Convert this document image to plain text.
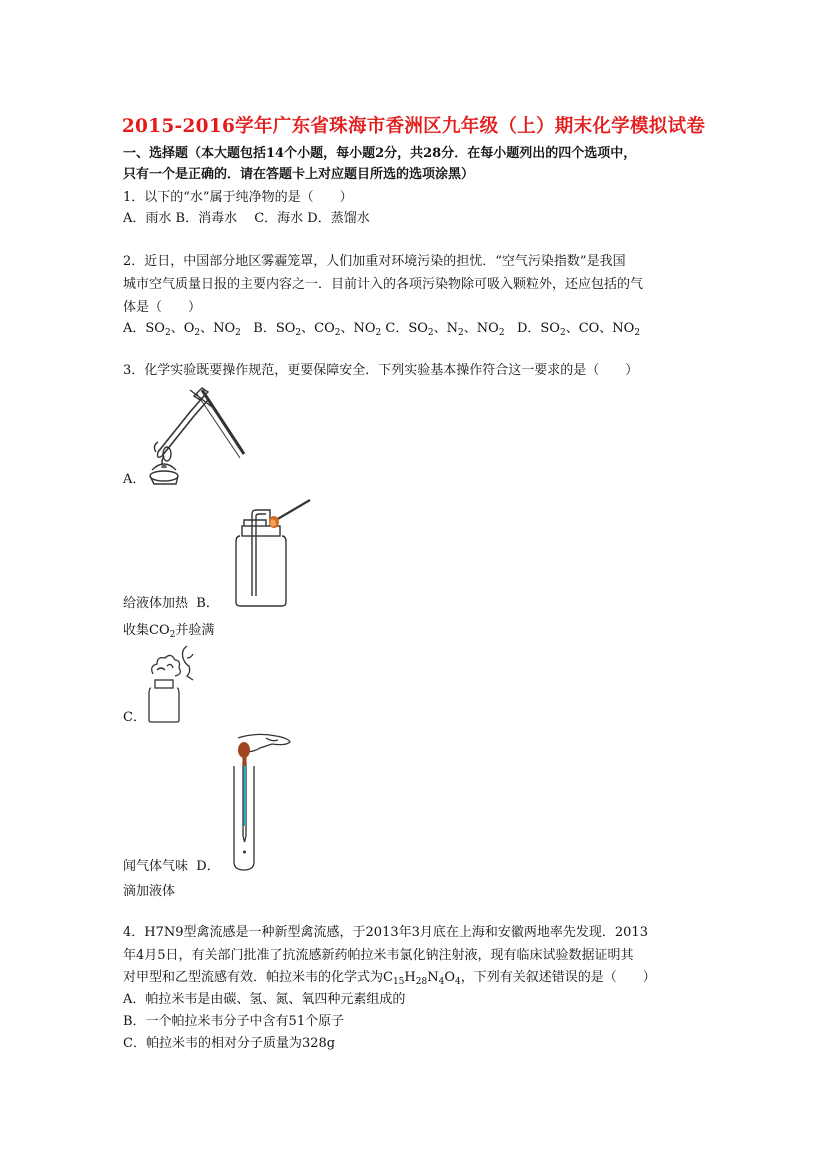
2015-2016学年广东省珠海市香洲区九年级（上）期末化学模拟试卷
一、选择题（本大题包括14个小题，每小题2分，共28分．在每小题列出的四个选项中，
只有一个是正确的．请在答题卡上对应题目所选的选项涂黑）
1．以下的“水”属于纯净物的是（　　）
A．雨水 B．消毒水　 C．海水 D．蒸馏水
2．近日，中国部分地区雾霾笼罩，人们加重对环境污染的担忧．“空气污染指数”是我国
城市空气质量日报的主要内容之一．目前计入的各项污染物除可吸入颗粒外，还应包括的气
体是（　　）
A．$SO_2$、$O_2$、$NO_2$ B．$SO_2$、$CO_2$、$NO_2$ C．$SO_2$、$N_2$、$NO_2$ D．$SO_2$、CO、$NO_2$
3．化学实验既要操作规范，更要保障安全．下列实验基本操作符合这一要求的是（　　）
A．
给液体加热 B．
收集$CO_2$并验满
C．
闻气体气味 D．
滴加液体
4．H7N9型禽流感是一种新型禽流感，于2013年3月底在上海和安徽两地率先发现．2013
年4月5日，有关部门批准了抗流感新药帕拉米韦氯化钠注射液，现有临床试验数据证明其
对甲型和乙型流感有效．帕拉米韦的化学式为$C_{15}H_{28}N_4O_4$，下列有关叙述错误的是（　　）
A．帕拉米韦是由碳、氢、氮、氧四种元素组成的
B．一个帕拉米韦分子中含有51个原子
C．帕拉米韦的相对分子质量为328g
